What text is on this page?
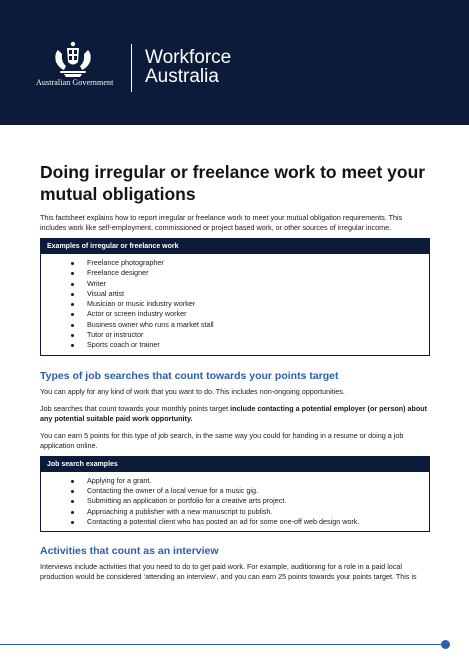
Australian Government
Workforce
Australia
Doing irregular or freelance work to meet your mutual obligations

This factsheet explains how to report irregular or freelance work to meet your mutual obligation requirements. This includes work like self-employment, commissioned or project based work, or other sources of irregular income.

Examples of irregular or freelance work
Freelance photographer
Freelance designer
Writer
Visual artist
Musician or music industry worker
Actor or screen industry worker
Business owner who runs a market stall
Tutor or instructor
Sports coach or trainer
Types of job searches that count towards your points target

You can apply for any kind of work that you want to do. This includes non-ongoing opportunities.

Job searches that count towards your monthly points target include contacting a potential employer (or person) about any potential suitable paid work opportunity.

You can earn 5 points for this type of job search, in the same way you could for handing in a resume or doing a job application online.

Job search examples
Applying for a grant.
Contacting the owner of a local venue for a music gig.
Submitting an application or portfolio for a creative arts project.
Approaching a publisher with a new manuscript to publish.
Contacting a potential client who has posted an ad for some one-off web design work.
Activities that count as an interview

Interviews include activities that you need to do to get paid work. For example, auditioning for a role in a paid local production would be considered ‘attending an interview’, and you can earn 25 points towards your points target. This is
